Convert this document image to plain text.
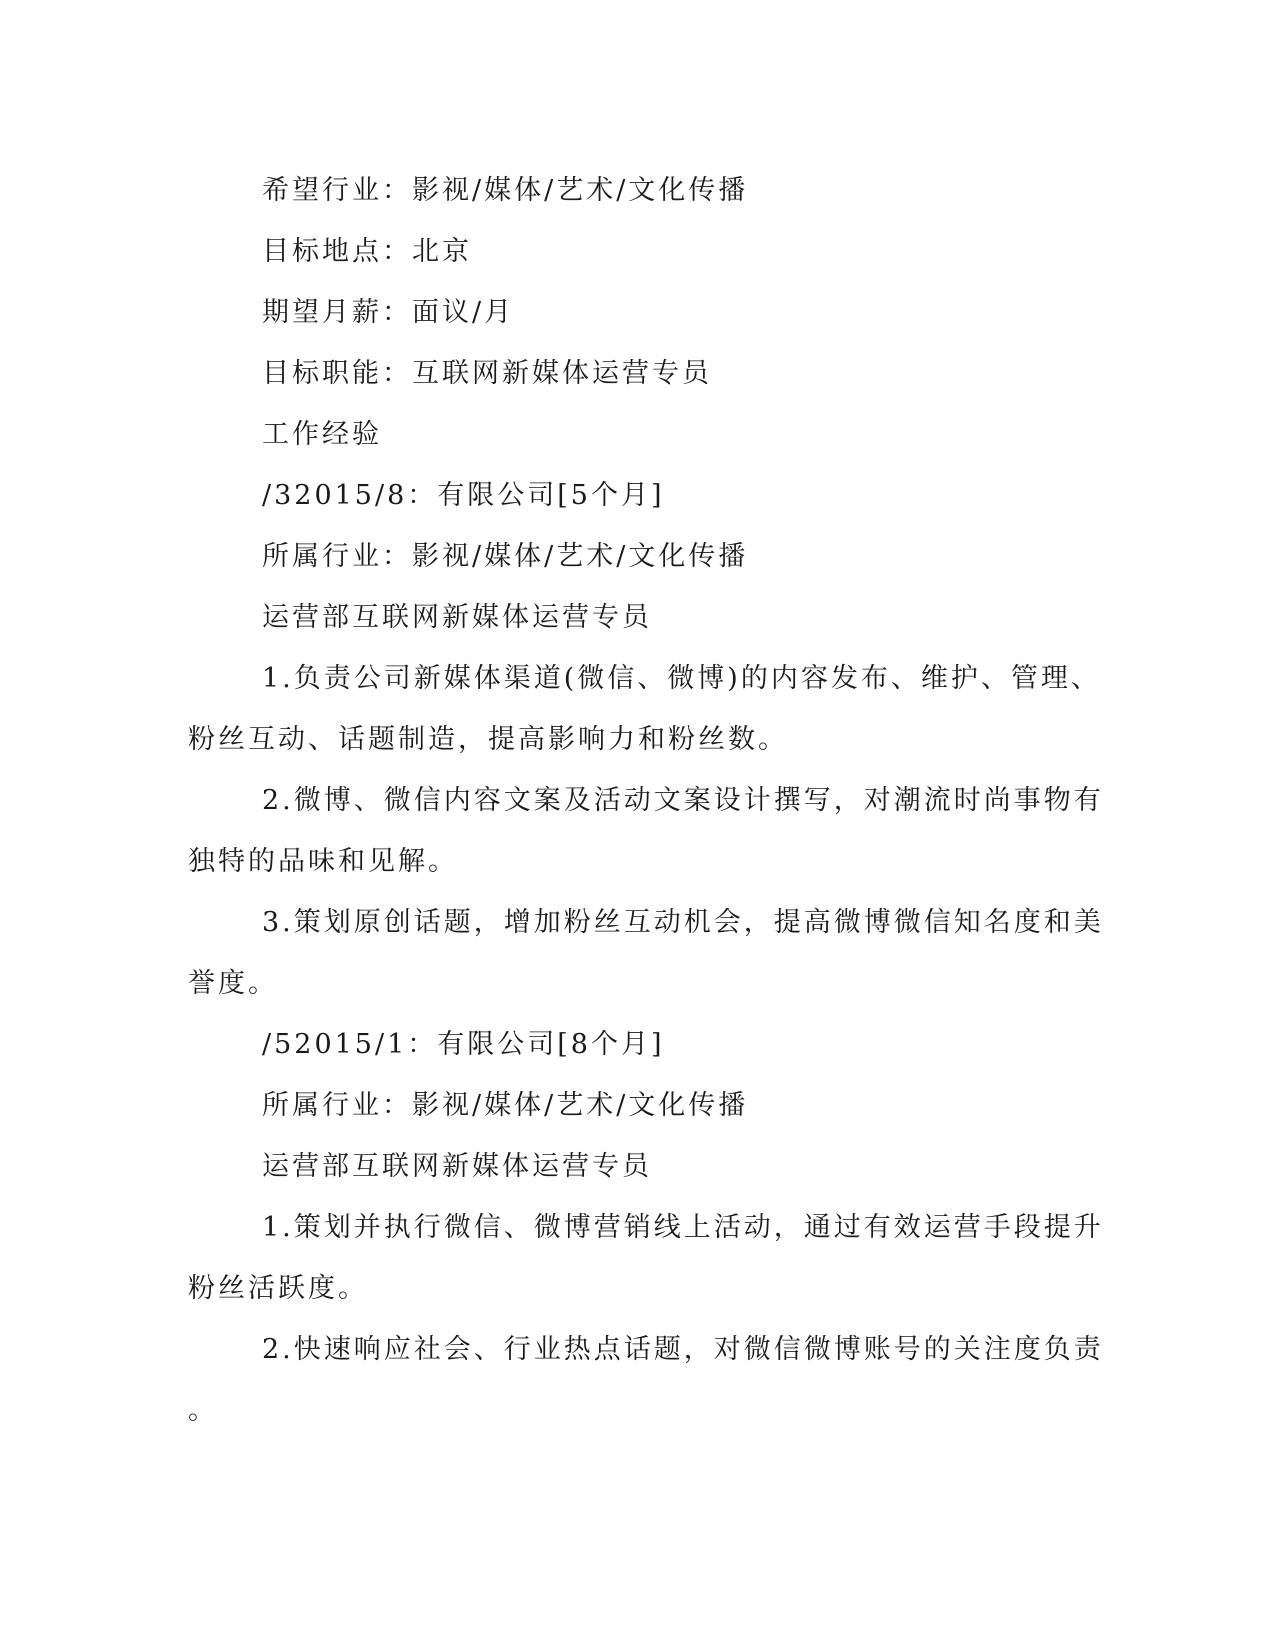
希望行业：影视/媒体/艺术/文化传播

目标地点：北京

期望月薪：面议/月

目标职能：互联网新媒体运营专员

工作经验

/32015/8：有限公司[5个月]

所属行业：影视/媒体/艺术/文化传播

运营部互联网新媒体运营专员

1.负责公司新媒体渠道(微信、微博)的内容发布、维护、管理、

粉丝互动、话题制造，提高影响力和粉丝数。

2.微博、微信内容文案及活动文案设计撰写，对潮流时尚事物有

独特的品味和见解。

3.策划原创话题，增加粉丝互动机会，提高微博微信知名度和美

誉度。

/52015/1：有限公司[8个月]

所属行业：影视/媒体/艺术/文化传播

运营部互联网新媒体运营专员

1.策划并执行微信、微博营销线上活动，通过有效运营手段提升

粉丝活跃度。

2.快速响应社会、行业热点话题，对微信微博账号的关注度负责

。
